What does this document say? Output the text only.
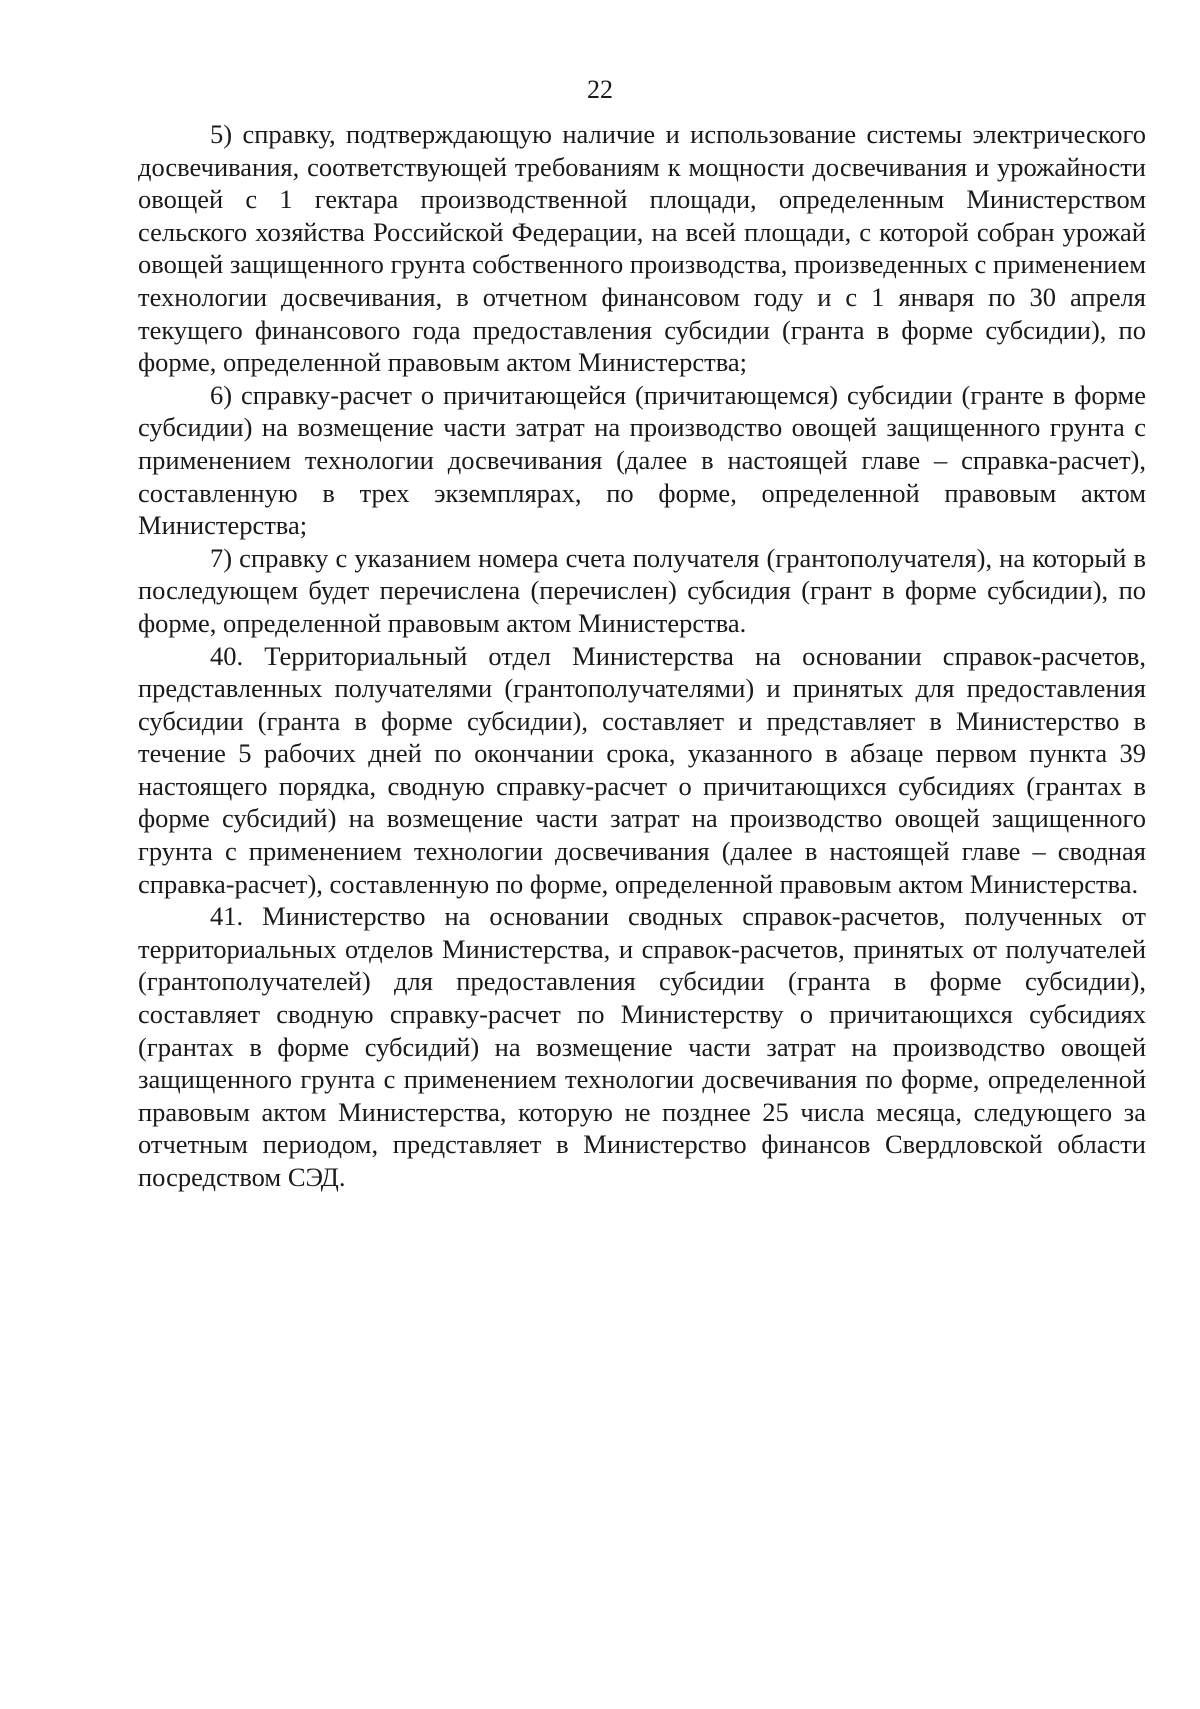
22

5) справку, подтверждающую наличие и использование системы электрического досвечивания, соответствующей требованиям к мощности досвечивания и урожайности овощей с 1 гектара производственной площади, определенным Министерством сельского хозяйства Российской Федерации, на всей площади, с которой собран урожай овощей защищенного грунта собственного производства, произведенных с применением технологии досвечивания, в отчетном финансовом году и с 1 января по 30 апреля текущего финансового года предоставления субсидии (гранта в форме субсидии), по форме, определенной правовым актом Министерства;

6) справку-расчет о причитающейся (причитающемся) субсидии (гранте в форме субсидии) на возмещение части затрат на производство овощей защищенного грунта с применением технологии досвечивания (далее в настоящей главе – справка-расчет), составленную в трех экземплярах, по форме, определенной правовым актом Министерства;

7) справку с указанием номера счета получателя (грантополучателя), на который в последующем будет перечислена (перечислен) субсидия (грант в форме субсидии), по форме, определенной правовым актом Министерства.

40. Территориальный отдел Министерства на основании справок-расчетов, представленных получателями (грантополучателями) и принятых для предоставления субсидии (гранта в форме субсидии), составляет и представляет в Министерство в течение 5 рабочих дней по окончании срока, указанного в абзаце первом пункта 39 настоящего порядка, сводную справку-расчет о причитающихся субсидиях (грантах в форме субсидий) на возмещение части затрат на производство овощей защищенного грунта с применением технологии досвечивания (далее в настоящей главе – сводная справка-расчет), составленную по форме, определенной правовым актом Министерства.

41. Министерство на основании сводных справок-расчетов, полученных от территориальных отделов Министерства, и справок-расчетов, принятых от получателей (грантополучателей) для предоставления субсидии (гранта в форме субсидии), составляет сводную справку-расчет по Министерству о причитающихся субсидиях (грантах в форме субсидий) на возмещение части затрат на производство овощей защищенного грунта с применением технологии досвечивания по форме, определенной правовым актом Министерства, которую не позднее 25 числа месяца, следующего за отчетным периодом, представляет в Министерство финансов Свердловской области посредством СЭД.
